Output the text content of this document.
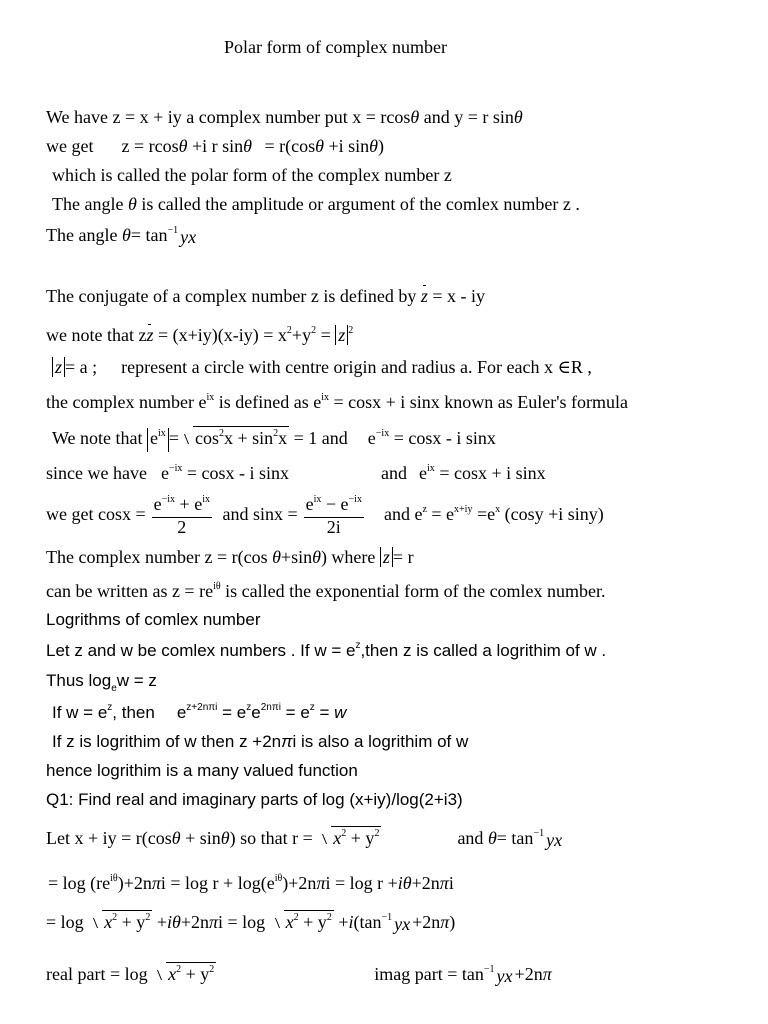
Polar form of complex number
We have z = x + iy a complex number put x = rcosθ and y = r sinθ
we get z = rcosθ +i r sinθ = r(cosθ +i sinθ)
which is called the polar form of the complex number z
The angle θ is called the amplitude or argument of the comlex number z .
The angle $\theta= \tan^{-1}$ yx
The conjugate of a complex number z is defined by z = x - iy
we note that zz = $(x+iy)(x-iy) = x^2+y^2 = z$ $^2$
z = a ; represent a circle with centre origin and radius a. For each x ∈R ,
the complex number $e^{ix}$ is defined as $e^{ix} = \cos x + i$ sinx known as Euler's formula
We note that $e^{ix} = \cos^2x + \sin^2x = 1$ and $e^{-ix} = \cos x - i$ sinx
since we have $e^{-ix} = \cos x - i$ sinx	and $e^{ix} = \cos x + i$ sinx
we get $\cos x = \frac{e^{-ix} + e^{ix}}{2}$ and $\sin x = \frac{e^{ix} - e^{-ix}}{2i}$ and $e^z = e^{x+iy} =e^x$ (cosy +i siny)
The complex number z = r(cos θ+sinθ) where z = r
can be written as $z = re^{i\theta}$ is called the exponential form of the comlex number.
Logrithms of comlex number
Let z and w be comlex numbers . If $w = e^z,then$ z is called a logrithim of w .
Thus $\log_ew = z$
If $w = e^z$, then $e^{z+2n\pi i} = e^ze^{2n\pi i} = e^z = w$
If z is logrithim of w then z +2nπi is also a logrithim of w
hence logrithim is a many valued function
Q1: Find real and imaginary parts of log (x+iy)/log(2+i3)
Let x + iy = r(cosθ + sinθ) so that $r = x^2 + y^2$	and $\theta= \tan^{-1}$ yx
= $\log (re^{i\theta})+2n\pi i = \log r + \log(e^{i\theta})+2n\pi i = \log r +i\theta+2n\pi i$
= $\log x^2 + y^2 +i\theta+2n\pi i = \log x^2 + y^2 +i(\tan^{-1}$ yx +2nπ)
real part = $\log x^2 + y^2$	imag part = $\tan^{-1}$ yx +2nπ
